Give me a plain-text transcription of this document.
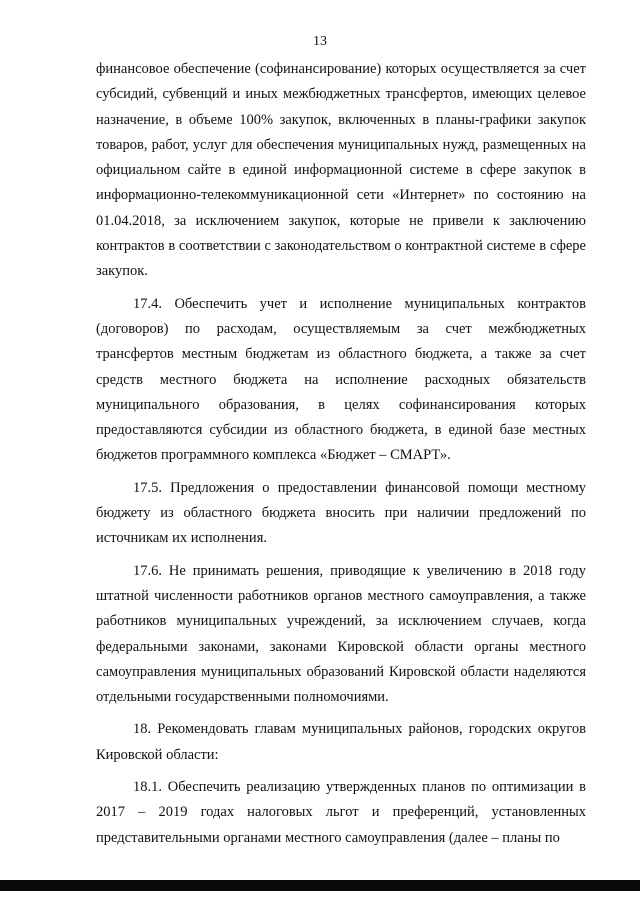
13

финансовое обеспечение (софинансирование) которых осуществляется за счет субсидий, субвенций и иных межбюджетных трансфертов, имеющих целевое назначение, в объеме 100% закупок, включенных в планы-графики закупок товаров, работ, услуг для обеспечения муниципальных нужд, размещенных на официальном сайте в единой информационной системе в сфере закупок в информационно-телекоммуникационной сети «Интернет» по состоянию на 01.04.2018, за исключением закупок, которые не привели к заключению контрактов в соответствии с законодательством о контрактной системе в сфере закупок.

17.4. Обеспечить учет и исполнение муниципальных контрактов (договоров) по расходам, осуществляемым за счет межбюджетных трансфертов местным бюджетам из областного бюджета, а также за счет средств местного бюджета на исполнение расходных обязательств муниципального образования, в целях софинансирования которых предоставляются субсидии из областного бюджета, в единой базе местных бюджетов программного комплекса «Бюджет – СМАРТ».

17.5. Предложения о предоставлении финансовой помощи местному бюджету из областного бюджета вносить при наличии предложений по источникам их исполнения.

17.6. Не принимать решения, приводящие к увеличению в 2018 году штатной численности работников органов местного самоуправления, а также работников муниципальных учреждений, за исключением случаев, когда федеральными законами, законами Кировской области органы местного самоуправления муниципальных образований Кировской области наделяются отдельными государственными полномочиями.

18. Рекомендовать главам муниципальных районов, городских округов Кировской области:

18.1. Обеспечить реализацию утвержденных планов по оптимизации в 2017 – 2019 годах налоговых льгот и преференций, установленных представительными органами местного самоуправления (далее – планы по
